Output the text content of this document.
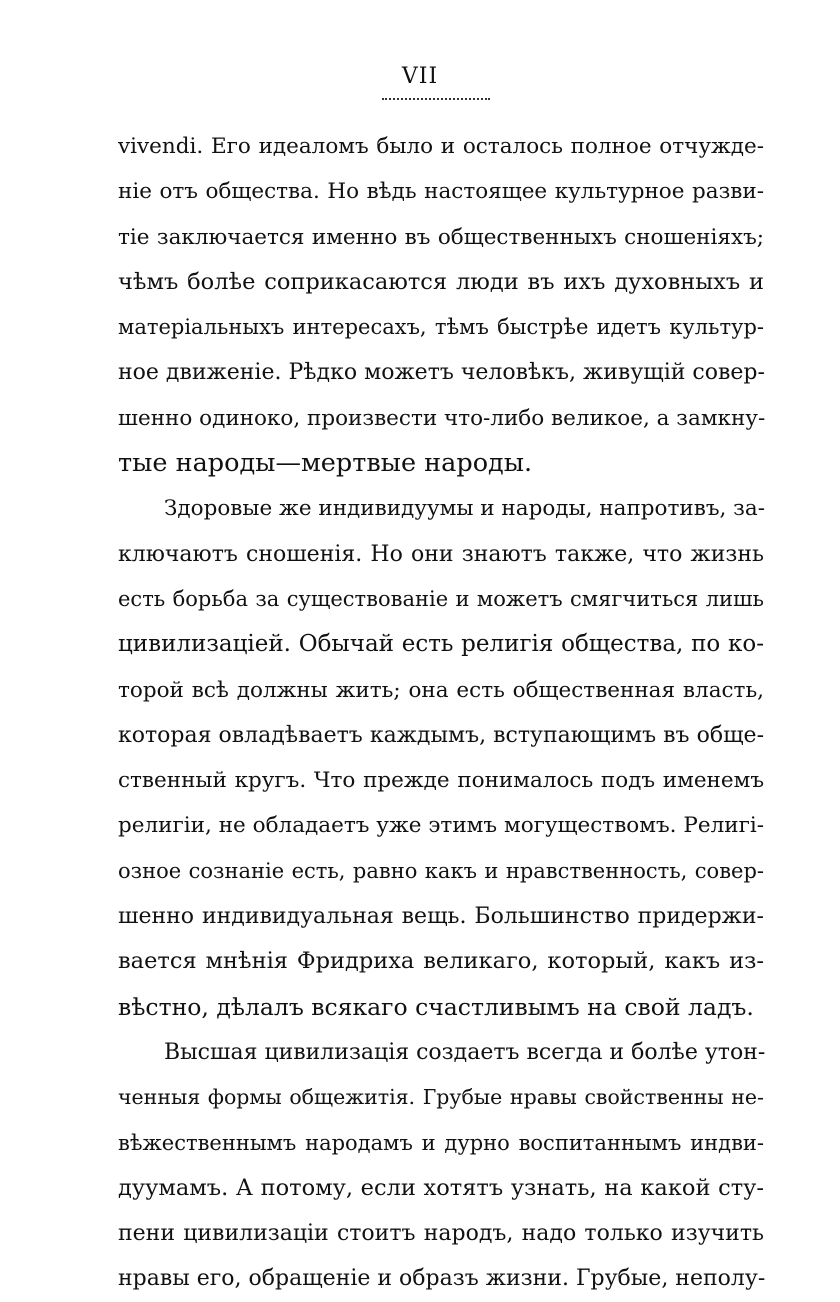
VII
vivendi. Его идеаломъ было и осталось полное отчужде-
ніе отъ общества. Но вѣдь настоящее культурное разви-
тіе заключается именно въ общественныхъ сношеніяхъ;
чѣмъ болѣе соприкасаются люди въ ихъ духовныхъ и
матеріальныхъ интересахъ, тѣмъ быстрѣе идетъ культур-
ное движеніе. Рѣдко можетъ человѣкъ, живущій совер-
шенно одиноко, произвести что-либо великое, а замкну-
тые народы—мертвые народы.
Здоровые же индивидуумы и народы, напротивъ, за-
ключаютъ сношенія. Но они знаютъ также, что жизнь
есть борьба за существованіе и можетъ смягчиться лишь
цивилизаціей. Обычай есть религія общества, по ко-
торой всѣ должны жить; она есть общественная власть,
которая овладѣваетъ каждымъ, вступающимъ въ обще-
ственный кругъ. Что прежде понималось подъ именемъ
религіи, не обладаетъ уже этимъ могуществомъ. Религі-
озное сознаніе есть, равно какъ и нравственность, совер-
шенно индивидуальная вещь. Большинство придержи-
вается мнѣнія Фридриха великаго, который, какъ из-
вѣстно, дѣлалъ всякаго счастливымъ на свой ладъ.
Высшая цивилизація создаетъ всегда и болѣе утон-
ченныя формы общежитія. Грубые нравы свойственны не-
вѣжественнымъ народамъ и дурно воспитаннымъ индви-
дуумамъ. А потому, если хотятъ узнать, на какой сту-
пени цивилизаціи стоитъ народъ, надо только изучить
нравы его, обращеніе и образъ жизни. Грубые, неполу-
